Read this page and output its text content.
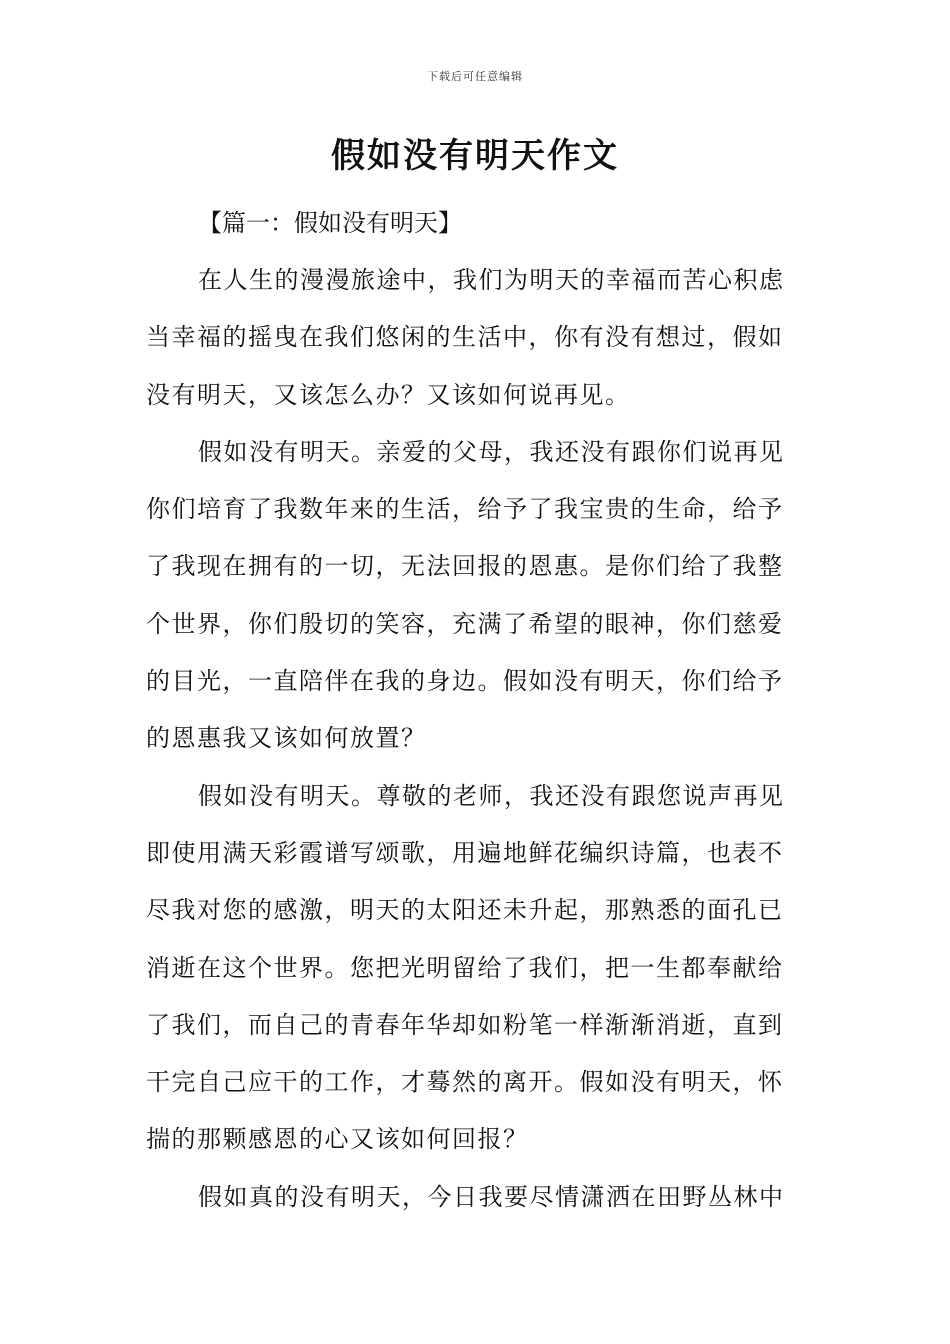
下载后可任意编辑
假如没有明天作文

【篇一：假如没有明天】

在人生的漫漫旅途中，我们为明天的幸福而苦心积虑
当幸福的摇曳在我们悠闲的生活中，你有没有想过，假如
没有明天，又该怎么办？又该如何说再见。
假如没有明天。亲爱的父母，我还没有跟你们说再见
你们培育了我数年来的生活，给予了我宝贵的生命，给予
了我现在拥有的一切，无法回报的恩惠。是你们给了我整
个世界，你们殷切的笑容，充满了希望的眼神，你们慈爱
的目光，一直陪伴在我的身边。假如没有明天，你们给予
的恩惠我又该如何放置？
假如没有明天。尊敬的老师，我还没有跟您说声再见
即使用满天彩霞谱写颂歌，用遍地鲜花编织诗篇，也表不
尽我对您的感激，明天的太阳还未升起，那熟悉的面孔已
消逝在这个世界。您把光明留给了我们，把一生都奉献给
了我们，而自己的青春年华却如粉笔一样渐渐消逝，直到
干完自己应干的工作，才蓦然的离开。假如没有明天，怀
揣的那颗感恩的心又该如何回报？
假如真的没有明天，今日我要尽情潇洒在田野丛林中
